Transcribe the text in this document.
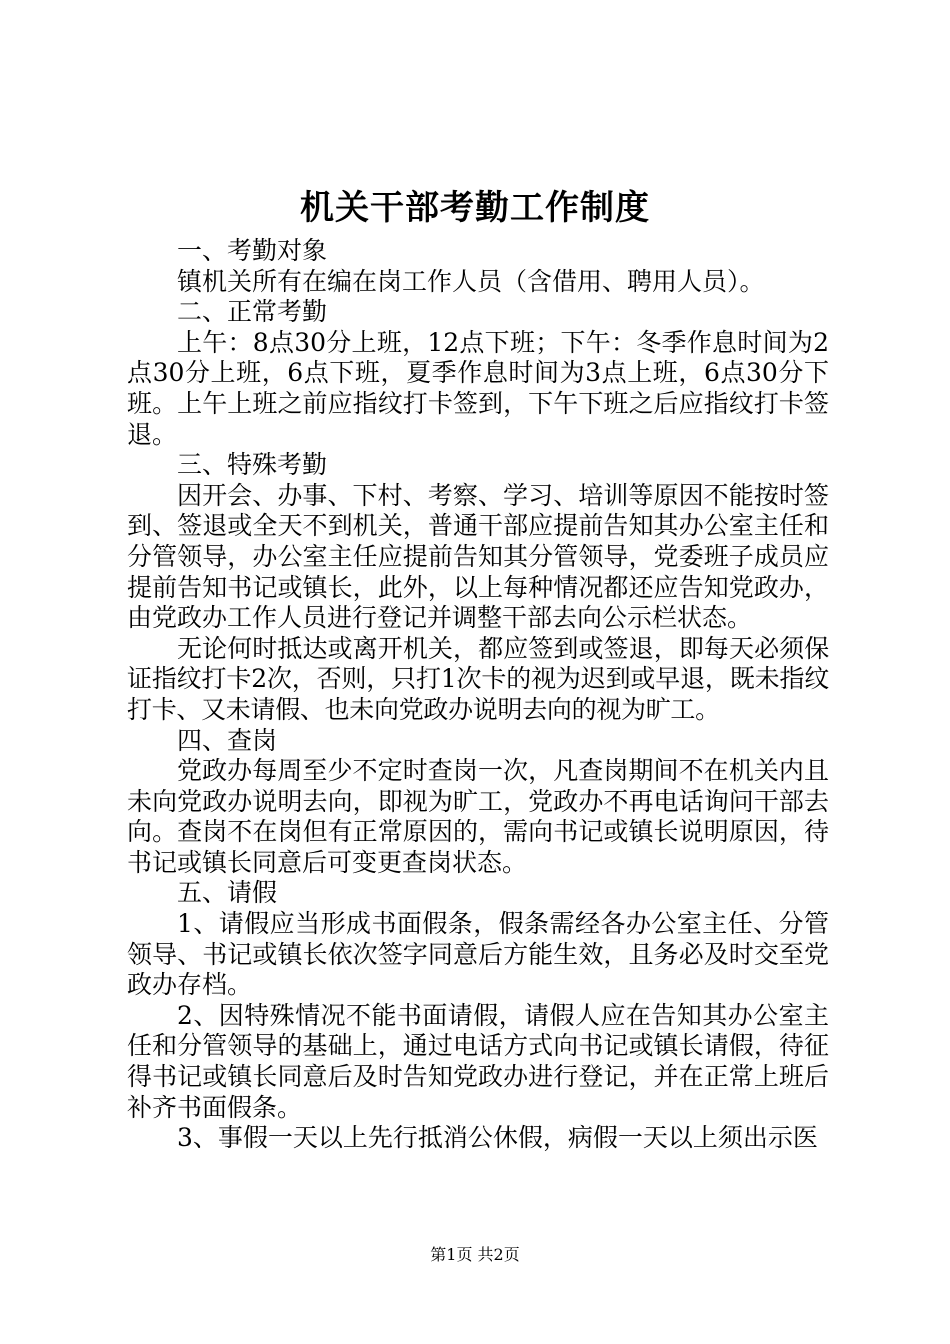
机关干部考勤工作制度
一、考勤对象

镇机关所有在编在岗工作人员（含借用、聘用人员）。

二、正常考勤

上午：8点30分上班，12点下班；下午：冬季作息时间为2点30分上班，6点下班，夏季作息时间为3点上班，6点30分下班。上午上班之前应指纹打卡签到，下午下班之后应指纹打卡签退。

三、特殊考勤

因开会、办事、下村、考察、学习、培训等原因不能按时签到、签退或全天不到机关，普通干部应提前告知其办公室主任和分管领导，办公室主任应提前告知其分管领导，党委班子成员应提前告知书记或镇长，此外，以上每种情况都还应告知党政办，由党政办工作人员进行登记并调整干部去向公示栏状态。

无论何时抵达或离开机关，都应签到或签退，即每天必须保证指纹打卡2次，否则，只打1次卡的视为迟到或早退，既未指纹打卡、又未请假、也未向党政办说明去向的视为旷工。

四、查岗

党政办每周至少不定时查岗一次，凡查岗期间不在机关内且未向党政办说明去向，即视为旷工，党政办不再电话询问干部去向。查岗不在岗但有正常原因的，需向书记或镇长说明原因，待书记或镇长同意后可变更查岗状态。

五、请假

1、请假应当形成书面假条，假条需经各办公室主任、分管领导、书记或镇长依次签字同意后方能生效，且务必及时交至党政办存档。

2、因特殊情况不能书面请假，请假人应在告知其办公室主任和分管领导的基础上，通过电话方式向书记或镇长请假，待征得书记或镇长同意后及时告知党政办进行登记，并在正常上班后补齐书面假条。

3、事假一天以上先行抵消公休假，病假一天以上须出示医

第1页 共2页
